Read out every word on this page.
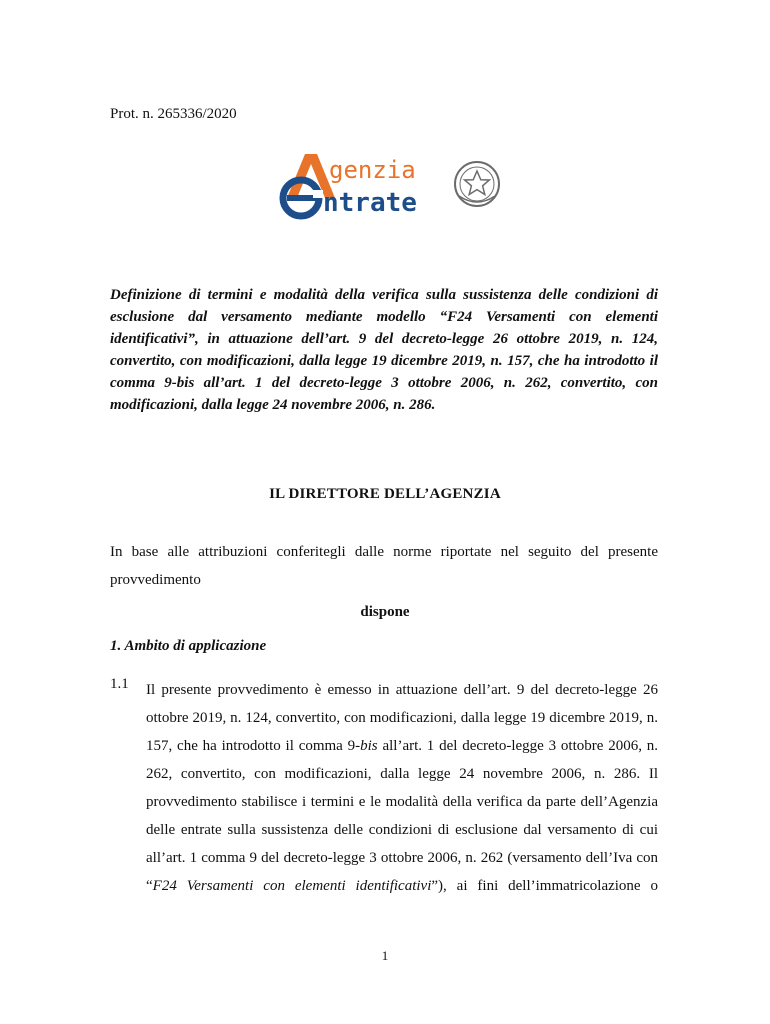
Prot. n. 265336/2020
genzia
ntrate
Definizione di termini e modalità della verifica sulla sussistenza delle condizioni di esclusione dal versamento mediante modello “F24 Versamenti con elementi identificativi”, in attuazione dell’art. 9 del decreto-legge 26 ottobre 2019, n. 124, convertito, con modificazioni, dalla legge 19 dicembre 2019, n. 157, che ha introdotto il comma 9-bis all’art. 1 del decreto-legge 3 ottobre 2006, n. 262, convertito, con modificazioni, dalla legge 24 novembre 2006, n. 286.
IL DIRETTORE DELL’AGENZIA
In base alle attribuzioni conferitegli dalle norme riportate nel seguito del presente provvedimento
dispone
1. Ambito di applicazione
1.1 Il presente provvedimento è emesso in attuazione dell’art. 9 del decreto-legge 26 ottobre 2019, n. 124, convertito, con modificazioni, dalla legge 19 dicembre 2019, n. 157, che ha introdotto il comma 9-bis all’art. 1 del decreto-legge 3 ottobre 2006, n. 262, convertito, con modificazioni, dalla legge 24 novembre 2006, n. 286. Il provvedimento stabilisce i termini e le modalità della verifica da parte dell’Agenzia delle entrate sulla sussistenza delle condizioni di esclusione dal versamento di cui all’art. 1 comma 9 del decreto-legge 3 ottobre 2006, n. 262 (versamento dell’Iva con “F24 Versamenti con elementi identificativi”), ai fini dell’immatricolazione o
1
